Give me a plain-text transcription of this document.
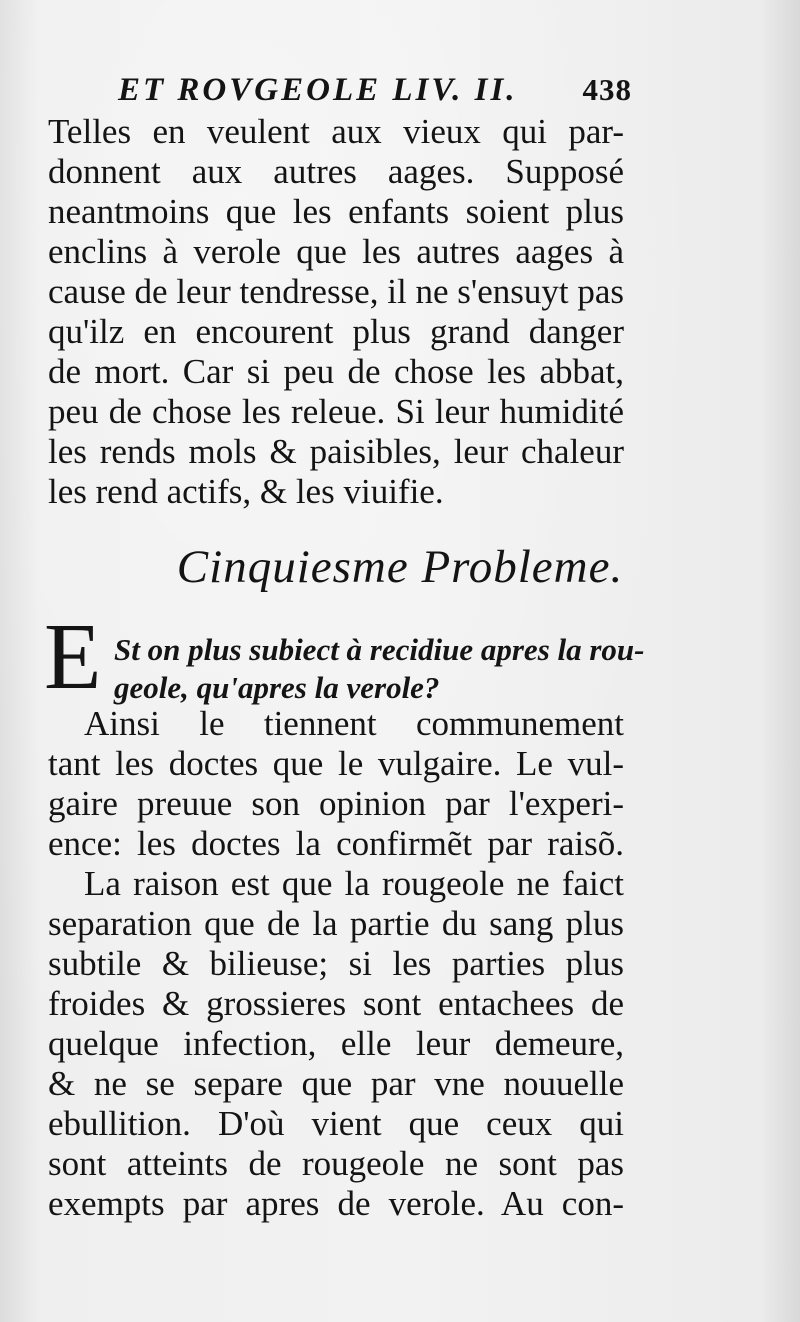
ET ROVGEOLE LIV. II.	438
Telles en veulent aux vieux qui par-
donnent aux autres aages. Supposé
neantmoins que les enfants soient plus
enclins à verole que les autres aages à
cause de leur tendresse, il ne s'ensuyt pas
qu'ilz en encourent plus grand danger
de mort. Car si peu de chose les abbat,
peu de chose les releue. Si leur humidité
les rends mols & paisibles, leur chaleur
les rend actifs, & les viuifie.
Cinquiesme Probleme.
E St on plus subiect à recidiue apres la rou-
geole, qu'apres la verole?
Ainsi le tiennent communement
tant les doctes que le vulgaire. Le vul-
gaire preuue son opinion par l'experi-
ence: les doctes la confirmẽt par raisõ.
La raison est que la rougeole ne faict
separation que de la partie du sang plus
subtile & bilieuse; si les parties plus
froides & grossieres sont entachees de
quelque infection, elle leur demeure,
& ne se separe que par vne nouuelle
ebullition. D'où vient que ceux qui
sont atteints de rougeole ne sont pas
exempts par apres de verole. Au con-
